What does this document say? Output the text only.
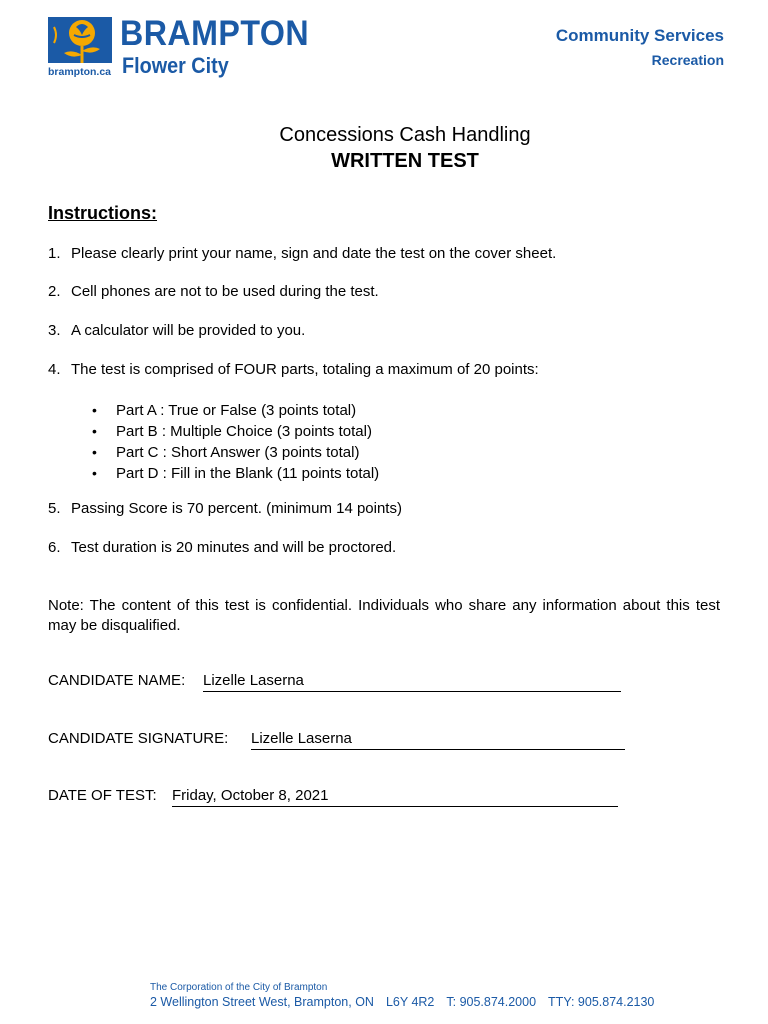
BRAMPTON
Flower City
brampton.ca
Community Services
Recreation
Concessions Cash Handling
WRITTEN TEST
Instructions:
1. Please clearly print your name, sign and date the test on the cover sheet.
2. Cell phones are not to be used during the test.
3. A calculator will be provided to you.
4. The test is comprised of FOUR parts, totaling a maximum of 20 points:
• Part A : True or False (3 points total)
• Part B : Multiple Choice (3 points total)
• Part C : Short Answer (3 points total)
• Part D : Fill in the Blank (11 points total)
5. Passing Score is 70 percent. (minimum 14 points)
6. Test duration is 20 minutes and will be proctored.
Note: The content of this test is confidential. Individuals who share any information about this test may be disqualified.
CANDIDATE NAME: Lizelle Laserna
CANDIDATE SIGNATURE: Lizelle Laserna
DATE OF TEST: Friday, October 8, 2021
The Corporation of the City of Brampton
2 Wellington Street West, Brampton, ON L6Y 4R2 T: 905.874.2000 TTY: 905.874.2130
